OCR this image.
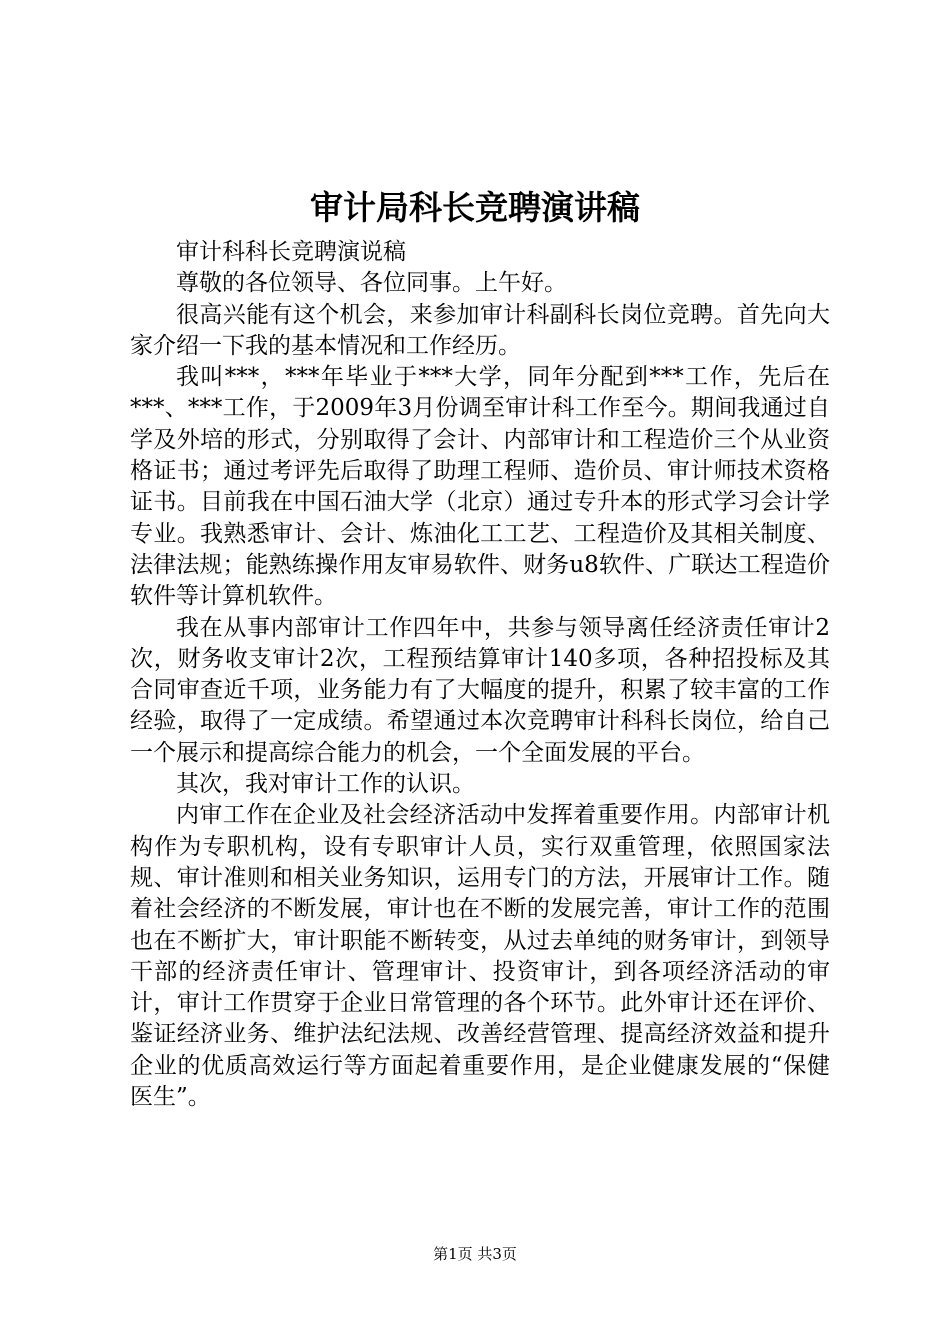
审计局科长竞聘演讲稿

审计科科长竞聘演说稿

尊敬的各位领导、各位同事。上午好。

很高兴能有这个机会，来参加审计科副科长岗位竞聘。首先向大家介绍一下我的基本情况和工作经历。

我叫***，***年毕业于***大学，同年分配到***工作，先后在***、***工作，于2009年3月份调至审计科工作至今。期间我通过自学及外培的形式，分别取得了会计、内部审计和工程造价三个从业资格证书；通过考评先后取得了助理工程师、造价员、审计师技术资格证书。目前我在中国石油大学（北京）通过专升本的形式学习会计学专业。我熟悉审计、会计、炼油化工工艺、工程造价及其相关制度、法律法规；能熟练操作用友审易软件、财务u8软件、广联达工程造价软件等计算机软件。

我在从事内部审计工作四年中，共参与领导离任经济责任审计2次，财务收支审计2次，工程预结算审计140多项，各种招投标及其合同审查近千项，业务能力有了大幅度的提升，积累了较丰富的工作经验，取得了一定成绩。希望通过本次竞聘审计科科长岗位，给自己一个展示和提高综合能力的机会，一个全面发展的平台。

其次，我对审计工作的认识。

内审工作在企业及社会经济活动中发挥着重要作用。内部审计机构作为专职机构，设有专职审计人员，实行双重管理，依照国家法规、审计准则和相关业务知识，运用专门的方法，开展审计工作。随着社会经济的不断发展，审计也在不断的发展完善，审计工作的范围也在不断扩大，审计职能不断转变，从过去单纯的财务审计，到领导干部的经济责任审计、管理审计、投资审计，到各项经济活动的审计，审计工作贯穿于企业日常管理的各个环节。此外审计还在评价、鉴证经济业务、维护法纪法规、改善经营管理、提高经济效益和提升企业的优质高效运行等方面起着重要作用，是企业健康发展的“保健医生”。

第1页 共3页
